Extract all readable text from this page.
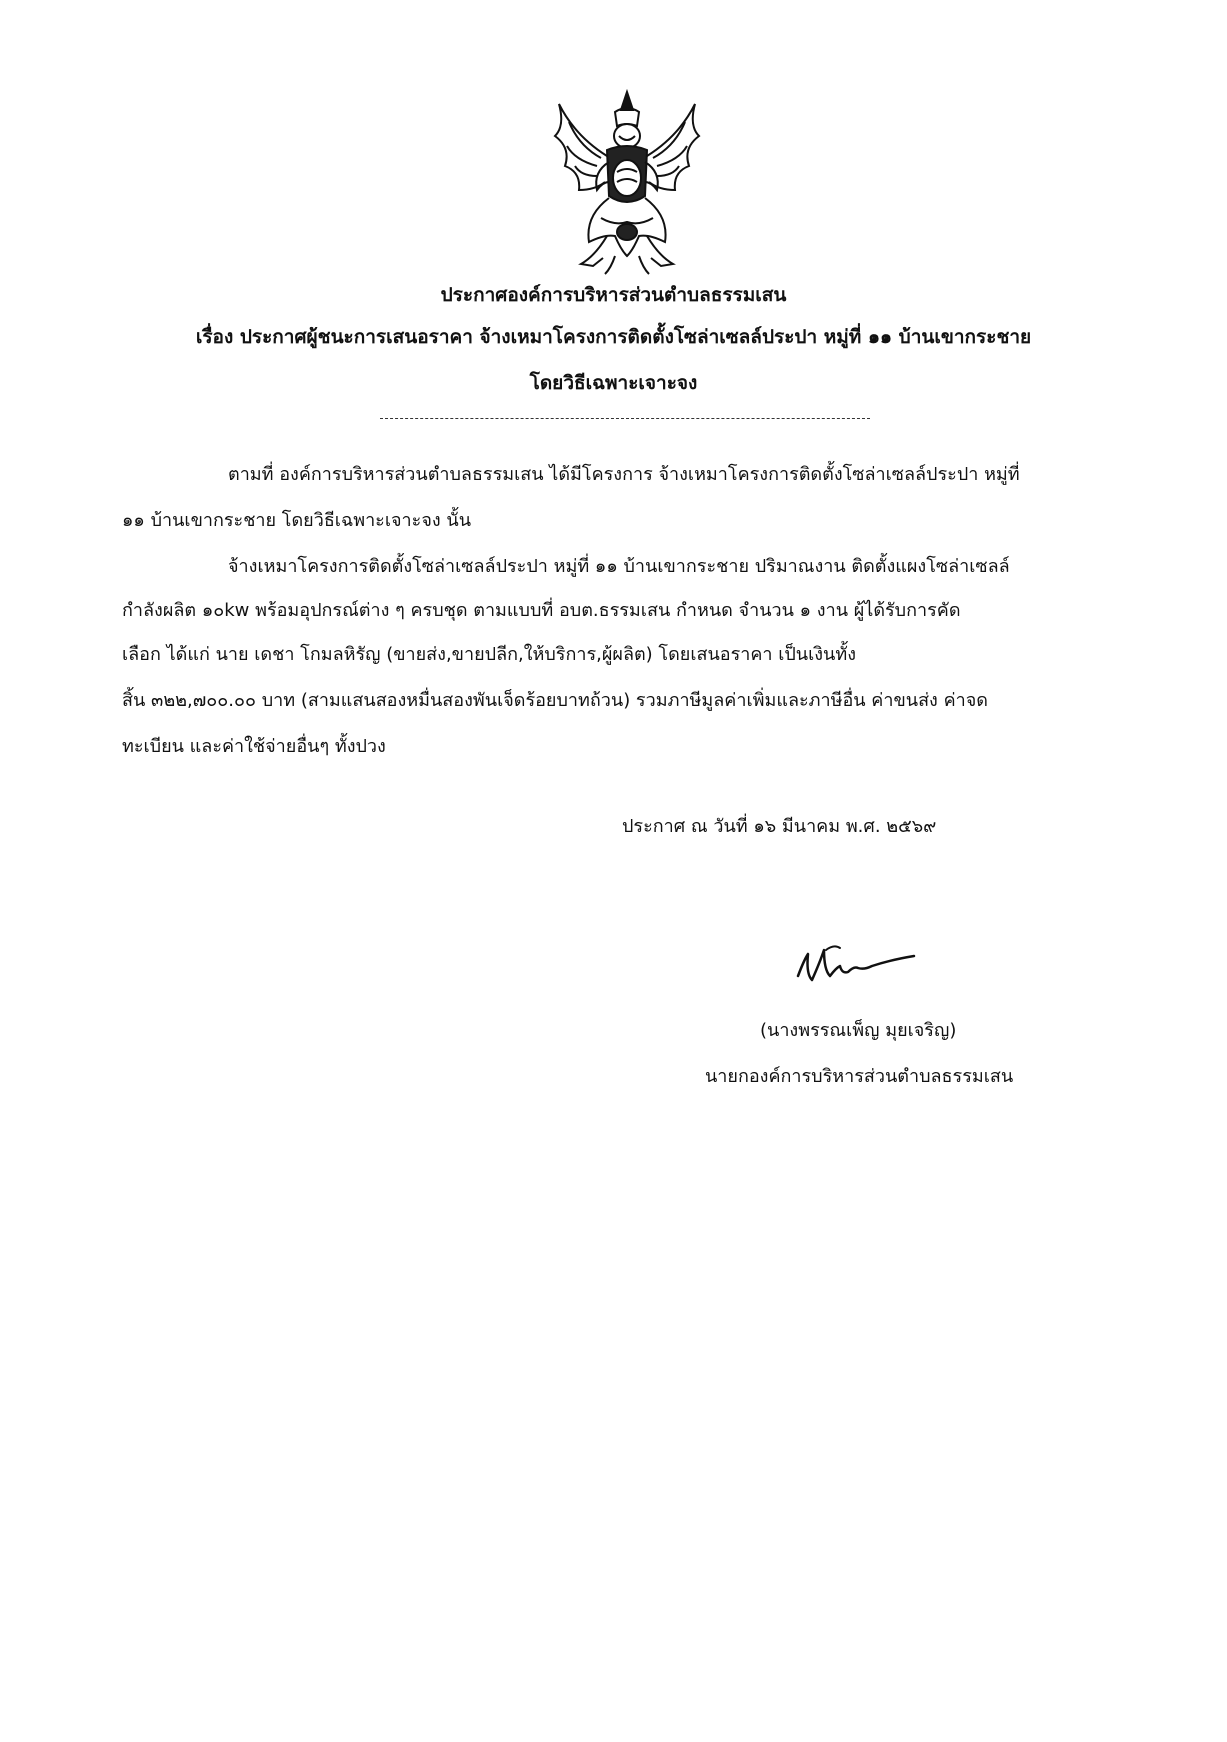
ประกาศองค์การบริหารส่วนตำบลธรรมเสน
เรื่อง ประกาศผู้ชนะการเสนอราคา จ้างเหมาโครงการติดตั้งโซล่าเซลล์ประปา หมู่ที่ ๑๑ บ้านเขากระชาย
โดยวิธีเฉพาะเจาะจง
ตามที่ องค์การบริหารส่วนตำบลธรรมเสน ได้มีโครงการ จ้างเหมาโครงการติดตั้งโซล่าเซลล์ประปา หมู่ที่
๑๑ บ้านเขากระชาย โดยวิธีเฉพาะเจาะจง นั้น
จ้างเหมาโครงการติดตั้งโซล่าเซลล์ประปา หมู่ที่ ๑๑ บ้านเขากระชาย ปริมาณงาน ติดตั้งแผงโซล่าเซลล์
กำลังผลิต ๑๐kw พร้อมอุปกรณ์ต่าง ๆ ครบชุด ตามแบบที่ อบต.ธรรมเสน กำหนด จำนวน ๑ งาน ผู้ได้รับการคัด
เลือก ได้แก่ นาย เดชา โกมลหิรัญ (ขายส่ง,ขายปลีก,ให้บริการ,ผู้ผลิต) โดยเสนอราคา เป็นเงินทั้ง
สิ้น ๓๒๒,๗๐๐.๐๐ บาท (สามแสนสองหมื่นสองพันเจ็ดร้อยบาทถ้วน) รวมภาษีมูลค่าเพิ่มและภาษีอื่น ค่าขนส่ง ค่าจด
ทะเบียน และค่าใช้จ่ายอื่นๆ ทั้งปวง
ประกาศ ณ วันที่ ๑๖ มีนาคม พ.ศ. ๒๕๖๙
(นางพรรณเพ็ญ มุยเจริญ)
นายกองค์การบริหารส่วนตำบลธรรมเสน
